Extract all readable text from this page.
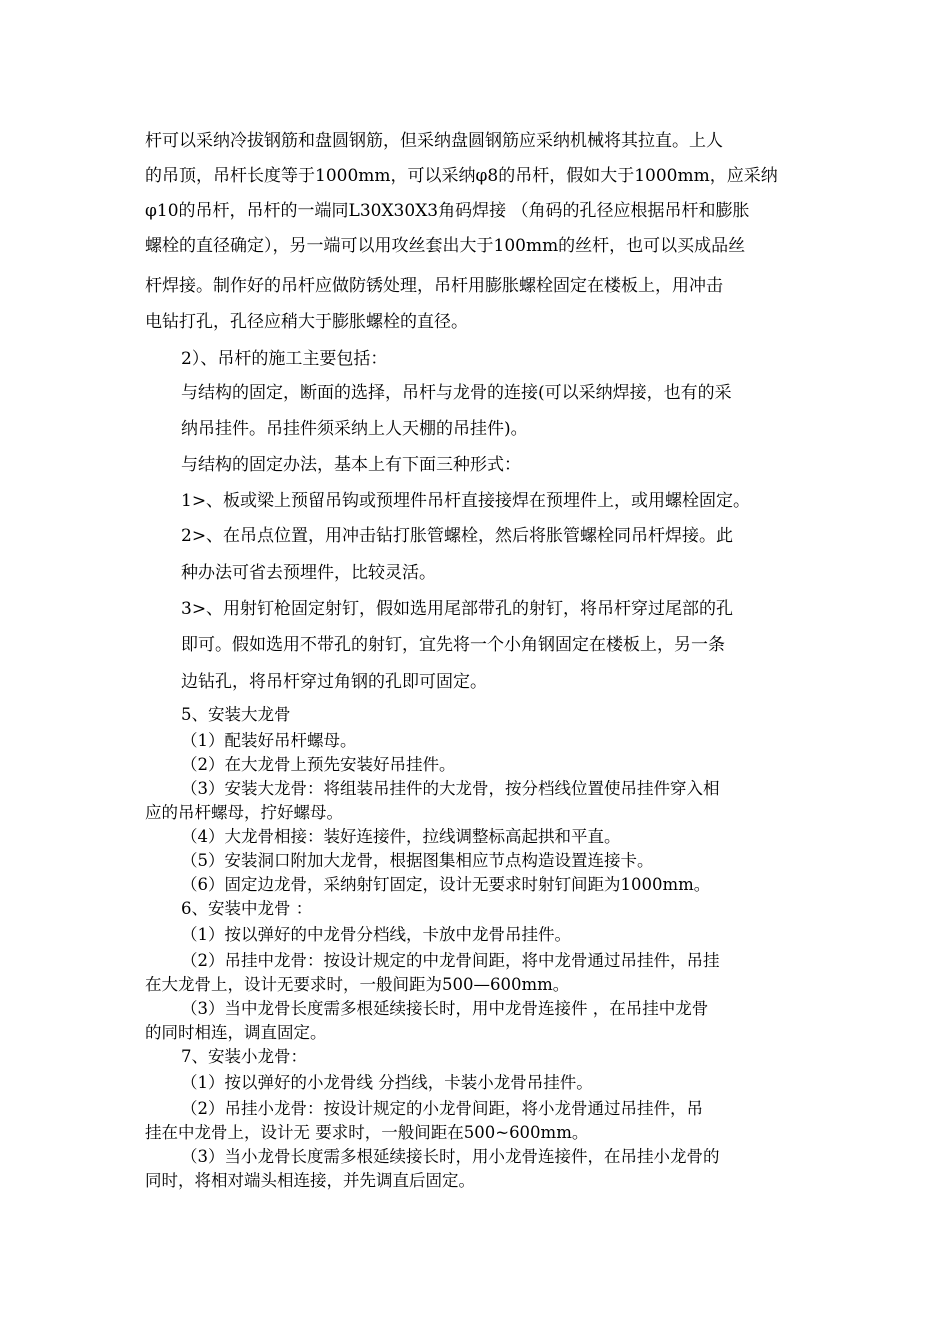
杆可以采纳冷拔钢筋和盘圆钢筋，但采纳盘圆钢筋应采纳机械将其拉直。上人
的吊顶，吊杆长度等于1000mm，可以采纳φ8的吊杆，假如大于1000mm，应采纳
φ10的吊杆，吊杆的一端同L30X30X3角码焊接 （角码的孔径应根据吊杆和膨胀
螺栓的直径确定），另一端可以用攻丝套出大于100mm的丝杆，也可以买成品丝
杆焊接。制作好的吊杆应做防锈处理，吊杆用膨胀螺栓固定在楼板上，用冲击
电钻打孔，孔径应稍大于膨胀螺栓的直径。
2）、吊杆的施工主要包括：
与结构的固定，断面的选择，吊杆与龙骨的连接(可以采纳焊接，也有的采
纳吊挂件。吊挂件须采纳上人天棚的吊挂件)。
与结构的固定办法，基本上有下面三种形式：
1>、板或梁上预留吊钩或预埋件吊杆直接接焊在预埋件上，或用螺栓固定。
2>、在吊点位置，用冲击钻打胀管螺栓，然后将胀管螺栓同吊杆焊接。此
种办法可省去预埋件，比较灵活。
3>、用射钉枪固定射钉，假如选用尾部带孔的射钉，将吊杆穿过尾部的孔
即可。假如选用不带孔的射钉，宜先将一个小角钢固定在楼板上，另一条
边钻孔，将吊杆穿过角钢的孔即可固定。
5、安装大龙骨
（1）配装好吊杆螺母。
（2）在大龙骨上预先安装好吊挂件。
（3）安装大龙骨：将组装吊挂件的大龙骨，按分档线位置使吊挂件穿入相
应的吊杆螺母，拧好螺母。
（4）大龙骨相接：装好连接件，拉线调整标高起拱和平直。
（5）安装洞口附加大龙骨，根据图集相应节点构造设置连接卡。
（6）固定边龙骨，采纳射钉固定，设计无要求时射钉间距为1000mm。
6、安装中龙骨 ：
（1）按以弹好的中龙骨分档线，卡放中龙骨吊挂件。
（2）吊挂中龙骨：按设计规定的中龙骨间距，将中龙骨通过吊挂件，吊挂
在大龙骨上，设计无要求时，一般间距为500—600mm。
（3）当中龙骨长度需多根延续接长时，用中龙骨连接件 ，在吊挂中龙骨
的同时相连，调直固定。
7、安装小龙骨：
（1）按以弹好的小龙骨线 分挡线，卡装小龙骨吊挂件。
（2）吊挂小龙骨：按设计规定的小龙骨间距，将小龙骨通过吊挂件，吊
挂在中龙骨上，设计无 要求时，一般间距在500~600mm。
（3）当小龙骨长度需多根延续接长时，用小龙骨连接件，在吊挂小龙骨的
同时，将相对端头相连接，并先调直后固定。
